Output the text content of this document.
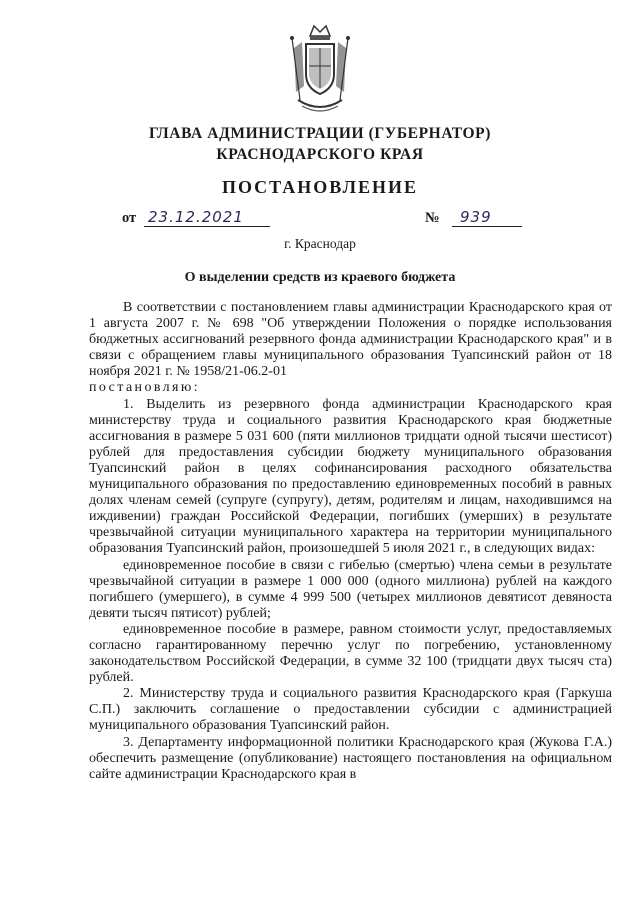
ГЛАВА АДМИНИСТРАЦИИ (ГУБЕРНАТОР)
КРАСНОДАРСКОГО КРАЯ
ПОСТАНОВЛЕНИЕ
от 23.12.2021	№ 939
г. Краснодар
О выделении средств из краевого бюджета

В соответствии с постановлением главы администрации Краснодарского края от 1 августа 2007 г. № 698 "Об утверждении Положения о порядке использования бюджетных ассигнований резервного фонда администрации Краснодарского края" и в связи с обращением главы муниципального образования Туапсинский район от 18 ноября 2021 г. № 1958/21-06.2-01

постановляю:

1. Выделить из резервного фонда администрации Краснодарского края министерству труда и социального развития Краснодарского края бюджетные ассигнования в размере 5 031 600 (пяти миллионов тридцати одной тысячи шестисот) рублей для предоставления субсидии бюджету муниципального образования Туапсинский район в целях софинансирования расходного обязательства муниципального образования по предоставлению единовременных пособий в равных долях членам семей (супруге (супругу), детям, родителям и лицам, находившимся на иждивении) граждан Российской Федерации, погибших (умерших) в результате чрезвычайной ситуации муниципального характера на территории муниципального образования Туапсинский район, произошедшей 5 июля 2021 г., в следующих видах:

единовременное пособие в связи с гибелью (смертью) члена семьи в результате чрезвычайной ситуации в размере 1 000 000 (одного миллиона) рублей на каждого погибшего (умершего), в сумме 4 999 500 (четырех миллионов девятисот девяноста девяти тысяч пятисот) рублей;

единовременное пособие в размере, равном стоимости услуг, предоставляемых согласно гарантированному перечню услуг по погребению, установленному законодательством Российской Федерации, в сумме 32 100 (тридцати двух тысяч ста) рублей.

2. Министерству труда и социального развития Краснодарского края (Гаркуша С.П.) заключить соглашение о предоставлении субсидии с администрацией муниципального образования Туапсинский район.

3. Департаменту информационной политики Краснодарского края (Жукова Г.А.) обеспечить размещение (опубликование) настоящего постановления на официальном сайте администрации Краснодарского края в
